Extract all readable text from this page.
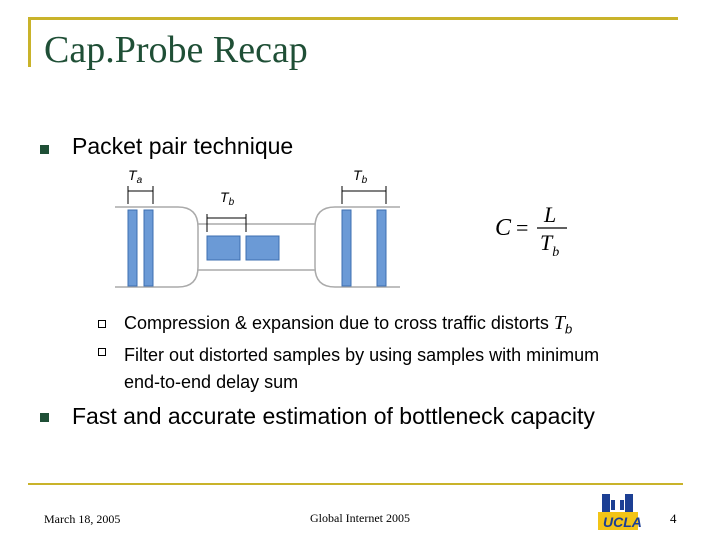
Cap.Probe Recap
Packet pair technique
$T_a$
$T_b$
$T_b$
C =
L
$T_b$
Compression & expansion due to cross traffic distorts $T_b$
Filter out distorted samples by using samples with minimum
end-to-end delay sum
Fast and accurate estimation of bottleneck capacity
March 18, 2005	Global Internet 2005	UCLA 4
